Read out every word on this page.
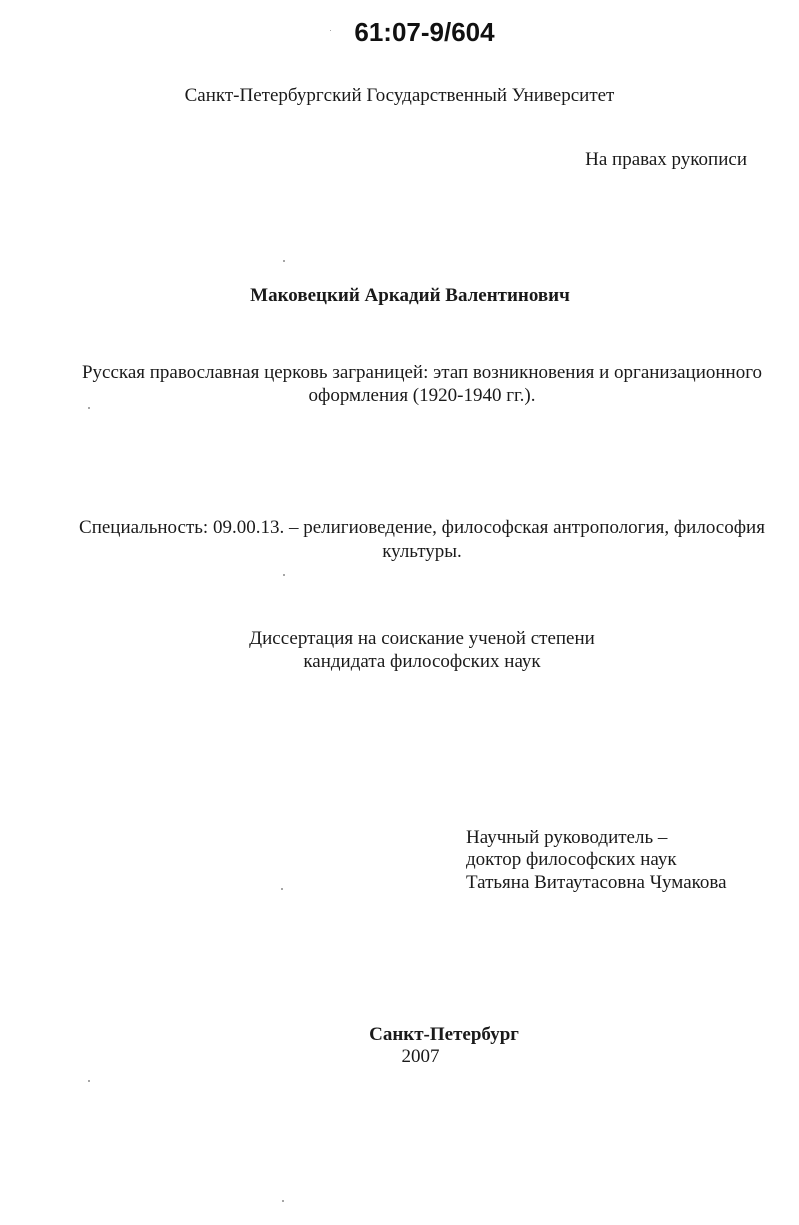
61:07-9/604
Санкт-Петербургский Государственный Университет
На правах рукописи
Маковецкий Аркадий Валентинович
Русская православная церковь заграницей: этап возникновения и организационного
оформления (1920-1940 гг.).
Специальность: 09.00.13. – религиоведение, философская антропология, философия
культуры.
Диссертация на соискание ученой степени
кандидата философских наук
Научный руководитель –
доктор философских наук
Татьяна Витаутасовна Чумакова
Санкт-Петербург
2007
